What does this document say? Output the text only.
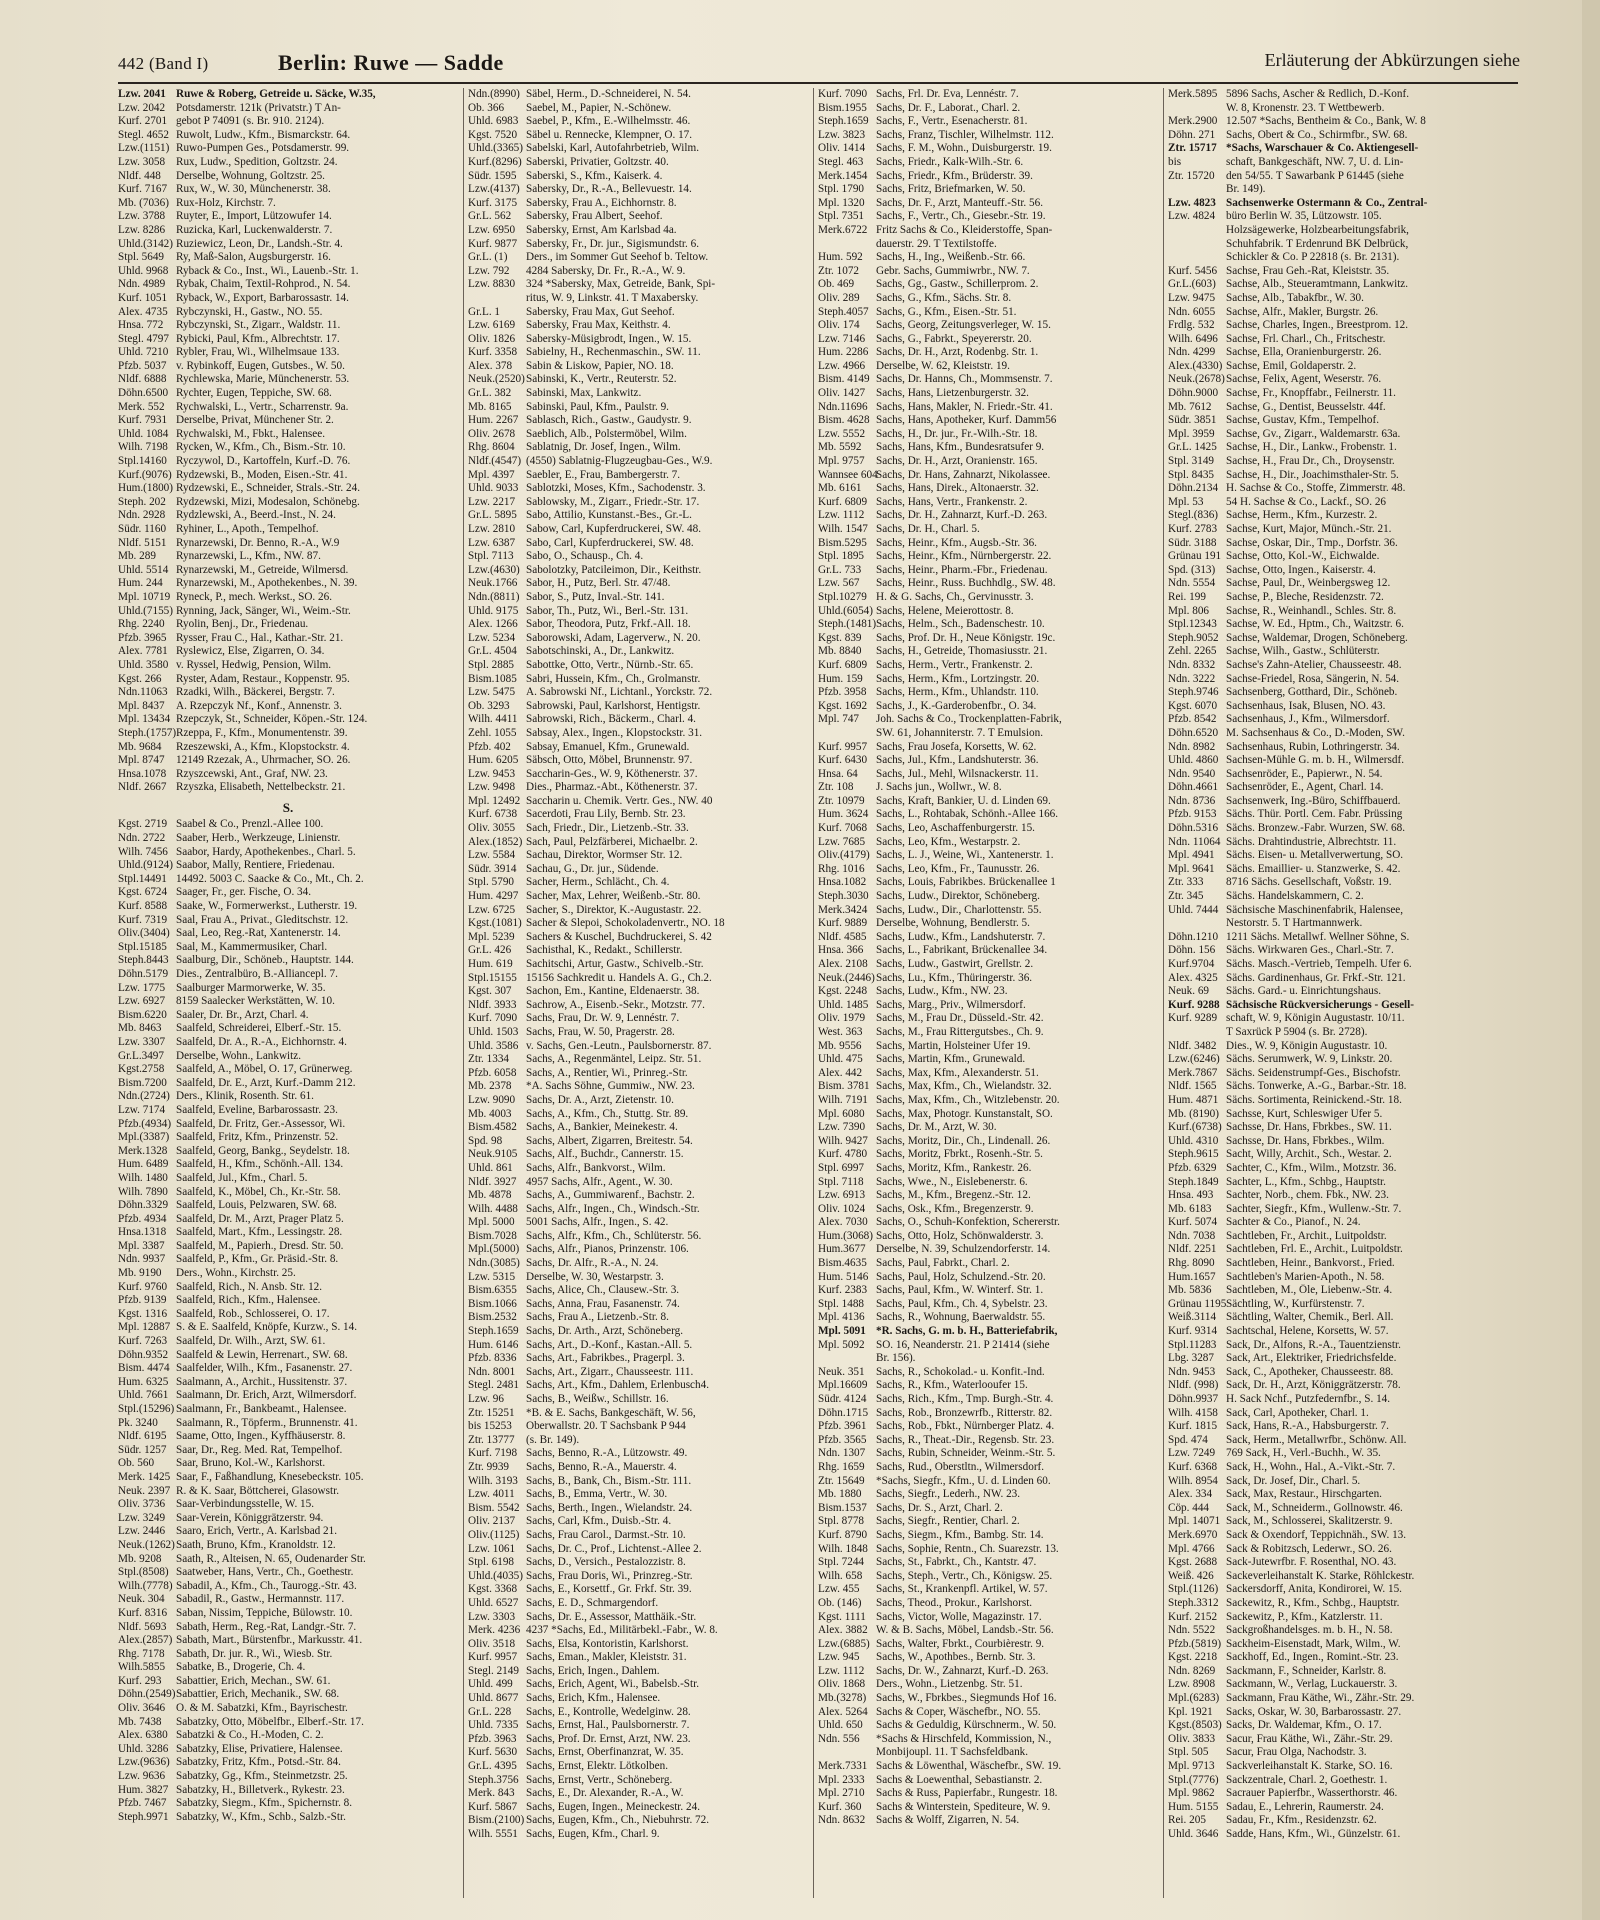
442 (Band I)	Berlin: Ruwe — Sadde	Erläuterung der Abkürzungen siehe
Lzw. 2041 Ruwe & Roberg, Getreide u. Säcke, W.35,
Lzw. 2042 Potsdamerstr. 121k (Privatstr.) T An-
Kurf. 2701 gebot P 74091 (s. Br. 910. 2124).
Stegl. 4652 Ruwolt, Ludw., Kfm., Bismarckstr. 64.
Lzw.(1151) Ruwo-Pumpen Ges., Potsdamerstr. 99.
Lzw. 3058 Rux, Ludw., Spedition, Goltzstr. 24.
Nldf. 448 Derselbe, Wohnung, Goltzstr. 25.
Kurf. 7167 Rux, W., W. 30, Münchenerstr. 38.
Mb. (7036) Rux-Holz, Kirchstr. 7.
Lzw. 3788 Ruyter, E., Import, Lützowufer 14.
Lzw. 8286 Ruzicka, Karl, Luckenwalderstr. 7.
Uhld.(3142) Ruziewicz, Leon, Dr., Landsh.-Str. 4.
Stpl. 5649 Ry, Maß-Salon, Augsburgerstr. 16.
Uhld. 9968 Ryback & Co., Inst., Wi., Lauenb.-Str. 1.
Ndn. 4989 Rybak, Chaim, Textil-Rohprod., N. 54.
Kurf. 1051 Ryback, W., Export, Barbarossastr. 14.
Alex. 4735 Rybczynski, H., Gastw., NO. 55.
Hnsa. 772 Rybczynski, St., Zigarr., Waldstr. 11.
Stegl. 4797 Rybicki, Paul, Kfm., Albrechtstr. 17.
Uhld. 7210 Rybler, Frau, Wi., Wilhelmsaue 133.
Pfzb. 5037 v. Rybinkoff, Eugen, Gutsbes., W. 50.
Nldf. 6888 Rychlewska, Marie, Münchenerstr. 53.
Döhn.6500 Rychter, Eugen, Teppiche, SW. 68.
Merk. 552 Rychwalski, L., Vertr., Scharrenstr. 9a.
Kurf. 7931 Derselbe, Privat, Münchener Str. 2.
Uhld. 1084 Rychwalski, M., Fbkt., Halensee.
Wilh. 7198 Rycken, W., Kfm., Ch., Bism.-Str. 10.
Stpl.14160 Ryczywol, D., Kartoffeln, Kurf.-D. 76.
Kurf.(9076) Rydzewski, B., Moden, Eisen.-Str. 41.
Hum.(1800) Rydzewski, E., Schneider, Strals.-Str. 24.
Steph. 202 Rydzewski, Mizi, Modesalon, Schönebg.
Ndn. 2928 Rydzlewski, A., Beerd.-Inst., N. 24.
Südr. 1160 Ryhiner, L., Apoth., Tempelhof.
Nldf. 5151 Rynarzewski, Dr. Benno, R.-A., W.9
Mb. 289 Rynarzewski, L., Kfm., NW. 87.
Uhld. 5514 Rynarzewski, M., Getreide, Wilmersd.
Hum. 244 Rynarzewski, M., Apothekenbes., N. 39.
Mpl. 10719 Ryneck, P., mech. Werkst., SO. 26.
Uhld.(7155) Rynning, Jack, Sänger, Wi., Weim.-Str.
Rhg. 2240 Ryolin, Benj., Dr., Friedenau.
Pfzb. 3965 Rysser, Frau C., Hal., Kathar.-Str. 21.
Alex. 7781 Ryslewicz, Else, Zigarren, O. 34.
Uhld. 3580 v. Ryssel, Hedwig, Pension, Wilm.
Kgst. 266 Ryster, Adam, Restaur., Koppenstr. 95.
Ndn.11063 Rzadki, Wilh., Bäckerei, Bergstr. 7.
Mpl. 8437 A. Rzepczyk Nf., Konf., Annenstr. 3.
Mpl. 13434 Rzepczyk, St., Schneider, Köpen.-Str. 124.
Steph.(1757)Rzeppa, F., Kfm., Monumentenstr. 39.
Mb. 9684 Rzeszewski, A., Kfm., Klopstockstr. 4.
Mpl. 8747 12149 Rzezak, A., Uhrmacher, SO. 26.
Hnsa.1078 Rzyszcewski, Ant., Graf, NW. 23.
Nldf. 2667 Rzyszka, Elisabeth, Nettelbeckstr. 21.
S.
Kgst. 2719 Saabel & Co., Prenzl.-Allee 100.
Ndn. 2722 Saaber, Herb., Werkzeuge, Linienstr.
Wilh. 7456 Saabor, Hardy, Apothekenbes., Charl. 5.
Uhld.(9124) Saabor, Mally, Rentiere, Friedenau.
Stpl.14491 14492. 5003 C. Saacke & Co., Mt., Ch. 2.
Kgst. 6724 Saager, Fr., ger. Fische, O. 34.
Kurf. 8588 Saake, W., Formerwerkst., Lutherstr. 19.
Kurf. 7319 Saal, Frau A., Privat., Gleditschstr. 12.
Oliv.(3404) Saal, Leo, Reg.-Rat, Xantenerstr. 14.
Stpl.15185 Saal, M., Kammermusiker, Charl.
Steph.8443 Saalburg, Dir., Schöneb., Hauptstr. 144.
Döhn.5179 Dies., Zentralbüro, B.-Alliancepl. 7.
Lzw. 1775 Saalburger Marmorwerke, W. 35.
Lzw. 6927 8159 Saalecker Werkstätten, W. 10.
Bism.6220 Saaler, Dr. Br., Arzt, Charl. 4.
Mb. 8463 Saalfeld, Schreiderei, Elberf.-Str. 15.
Lzw. 3307 Saalfeld, Dr. A., R.-A., Eichhornstr. 4.
Gr.L.3497 Derselbe, Wohn., Lankwitz.
Kgst.2758 Saalfeld, A., Möbel, O. 17, Grünerweg.
Bism.7200 Saalfeld, Dr. E., Arzt, Kurf.-Damm 212.
Ndn.(2724) Ders., Klinik, Rosenth. Str. 61.
Lzw. 7174 Saalfeld, Eveline, Barbarossastr. 23.
Pfzb.(4934) Saalfeld, Dr. Fritz, Ger.-Assessor, Wi.
Mpl.(3387) Saalfeld, Fritz, Kfm., Prinzenstr. 52.
Merk.1328 Saalfeld, Georg, Bankg., Seydelstr. 18.
Hum. 6489 Saalfeld, H., Kfm., Schönh.-All. 134.
Wilh. 1480 Saalfeld, Jul., Kfm., Charl. 5.
Wilh. 7890 Saalfeld, K., Möbel, Ch., Kr.-Str. 58.
Döhn.3329 Saalfeld, Louis, Pelzwaren, SW. 68.
Pfzb. 4934 Saalfeld, Dr. M., Arzt, Prager Platz 5.
Hnsa.1318 Saalfeld, Mart., Kfm., Lessingstr. 28.
Mpl. 3387 Saalfeld, M., Papierh., Dresd. Str. 50.
Ndn. 9937 Saalfeld, P., Kfm., Gr. Präsid.-Str. 8.
Mb. 9190 Ders., Wohn., Kirchstr. 25.
Kurf. 9760 Saalfeld, Rich., N. Ansb. Str. 12.
Pfzb. 9139 Saalfeld, Rich., Kfm., Halensee.
Kgst. 1316 Saalfeld, Rob., Schlosserei, O. 17.
Mpl. 12887 S. & E. Saalfeld, Knöpfe, Kurzw., S. 14.
Kurf. 7263 Saalfeld, Dr. Wilh., Arzt, SW. 61.
Döhn.9352 Saalfeld & Lewin, Herrenart., SW. 68.
Bism. 4474 Saalfelder, Wilh., Kfm., Fasanenstr. 27.
Hum. 6325 Saalmann, A., Archit., Hussitenstr. 37.
Uhld. 7661 Saalmann, Dr. Erich, Arzt, Wilmersdorf.
Stpl.(15296) Saalmann, Fr., Bankbeamt., Halensee.
Pk. 3240 Saalmann, R., Töpferm., Brunnenstr. 41.
Nldf. 6195 Saame, Otto, Ingen., Kyffhäuserstr. 8.
Südr. 1257 Saar, Dr., Reg. Med. Rat, Tempelhof.
Ob. 560 Saar, Bruno, Kol.-W., Karlshorst.
Merk. 1425 Saar, F., Faßhandlung, Knesebeckstr. 105.
Neuk. 2397 R. & K. Saar, Böttcherei, Glasowstr.
Oliv. 3736 Saar-Verbindungsstelle, W. 15.
Lzw. 3249 Saar-Verein, Königgrätzerstr. 94.
Lzw. 2446 Saaro, Erich, Vertr., A. Karlsbad 21.
Neuk.(1262)Saath, Bruno, Kfm., Kranoldstr. 12.
Mb. 9208 Saath, R., Alteisen, N. 65, Oudenarder Str.
Stpl.(8508) Saatweber, Hans, Vertr., Ch., Goethestr.
Wilh.(7778) Sabadil, A., Kfm., Ch., Taurogg.-Str. 43.
Neuk. 304 Sabadil, R., Gastw., Hermannstr. 117.
Kurf. 8316 Saban, Nissim, Teppiche, Bülowstr. 10.
Nldf. 5693 Sabath, Herm., Reg.-Rat, Landgr.-Str. 7.
Alex.(2857) Sabath, Mart., Bürstenfbr., Markusstr. 41.
Rhg. 7178 Sabath, Dr. jur. R., Wi., Wiesb. Str.
Wilh.5855 Sabatke, B., Drogerie, Ch. 4.
Kurf. 293 Sabattier, Erich, Mechan., SW. 61.
Döhn.(2549)Sabattier, Erich, Mechanik., SW. 68.
Oliv. 3646 O. & M. Sabatzki, Kfm., Bayrischestr.
Mb. 7438 Sabatzky, Otto, Möbelfbr., Elberf.-Str. 17.
Alex. 6380 Sabatzki & Co., H.-Moden, C. 2.
Uhld. 3286 Sabatzky, Elise, Privatiere, Halensee.
Lzw.(9636) Sabatzky, Fritz, Kfm., Potsd.-Str. 84.
Lzw. 9636 Sabatzky, Gg., Kfm., Steinmetzstr. 25.
Hum. 3827 Sabatzky, H., Billetverk., Rykestr. 23.
Pfzb. 7467 Sabatzky, Siegm., Kfm., Spichernstr. 8.
Steph.9971 Sabatzky, W., Kfm., Schb., Salzb.-Str.
Ndn.(8990) Säbel, Herm., D.-Schneiderei, N. 54.
Ob. 366 Saebel, M., Papier, N.-Schönew.
Uhld. 6983 Saebel, P., Kfm., E.-Wilhelmsstr. 46.
Kgst. 7520 Säbel u. Rennecke, Klempner, O. 17.
Uhld.(3365) Sabelski, Karl, Autofahrbetrieb, Wilm.
Kurf.(8296) Saberski, Privatier, Goltzstr. 40.
Südr. 1595 Saberski, S., Kfm., Kaiserk. 4.
Lzw.(4137) Sabersky, Dr., R.-A., Bellevuestr. 14.
Kurf. 3175 Sabersky, Frau A., Eichhornstr. 8.
Gr.L. 562 Sabersky, Frau Albert, Seehof.
Lzw. 6950 Sabersky, Ernst, Am Karlsbad 4a.
Kurf. 9877 Sabersky, Fr., Dr. jur., Sigismundstr. 6.
Gr.L. (1) Ders., im Sommer Gut Seehof b. Teltow.
Lzw. 792 4284 Sabersky, Dr. Fr., R.-A., W. 9.
Lzw. 8830 324 *Sabersky, Max, Getreide, Bank, Spi-
ritus, W. 9, Linkstr. 41. T Maxabersky.
Gr.L. 1 Sabersky, Frau Max, Gut Seehof.
Lzw. 6169 Sabersky, Frau Max, Keithstr. 4.
Oliv. 1826 Sabersky-Müsigbrodt, Ingen., W. 15.
Kurf. 3358 Sabielny, H., Rechenmaschin., SW. 11.
Alex. 378 Sabin & Liskow, Papier, NO. 18.
Neuk.(2520)Sabinski, K., Vertr., Reuterstr. 52.
Gr.L. 382 Sabinski, Max, Lankwitz.
Mb. 8165 Sabinski, Paul, Kfm., Paulstr. 9.
Hum. 2267 Sablasch, Rich., Gastw., Gaudystr. 9.
Oliv. 2678 Saeblich, Alb., Polstermöbel, Wilm.
Rhg. 8604 Sablatnig, Dr. Josef, Ingen., Wilm.
Nldf.(4547) (4550) Sablatnig-Flugzeugbau-Ges., W.9.
Mpl. 4397 Saebler, E., Frau, Bambergerstr. 7.
Uhld. 9033 Sablotzki, Moses, Kfm., Sachodenstr. 3.
Lzw. 2217 Sablowsky, M., Zigarr., Friedr.-Str. 17.
Gr.L. 5895 Sabo, Attilio, Kunstanst.-Bes., Gr.-L.
Lzw. 2810 Sabow, Carl, Kupferdruckerei, SW. 48.
Lzw. 6387 Sabo, Carl, Kupferdruckerei, SW. 48.
Stpl. 7113 Sabo, O., Schausp., Ch. 4.
Lzw.(4630) Sabolotzky, Patcileimon, Dir., Keithstr.
Neuk.1766 Sabor, H., Putz, Berl. Str. 47/48.
Ndn.(8811) Sabor, S., Putz, Inval.-Str. 141.
Uhld. 9175 Sabor, Th., Putz, Wi., Berl.-Str. 131.
Alex. 1266 Sabor, Theodora, Putz, Frkf.-All. 18.
Lzw. 5234 Saborowski, Adam, Lagerverw., N. 20.
Gr.L. 4504 Sabotschinski, A., Dr., Lankwitz.
Stpl. 2885 Sabottke, Otto, Vertr., Nürnb.-Str. 65.
Bism.1085 Sabri, Hussein, Kfm., Ch., Grolmanstr.
Lzw. 5475 A. Sabrowski Nf., Lichtanl., Yorckstr. 72.
Ob. 3293 Sabrowski, Paul, Karlshorst, Hentigstr.
Wilh. 4411 Sabrowski, Rich., Bäckerm., Charl. 4.
Zehl. 1055 Sabsay, Alex., Ingen., Klopstockstr. 31.
Pfzb. 402 Sabsay, Emanuel, Kfm., Grunewald.
Hum. 6205 Säbsch, Otto, Möbel, Brunnenstr. 97.
Lzw. 9453 Saccharin-Ges., W. 9, Köthenerstr. 37.
Lzw. 9498 Dies., Pharmaz.-Abt., Köthenerstr. 37.
Mpl. 12492 Saccharin u. Chemik. Vertr. Ges., NW. 40
Kurf. 6738 Sacerdoti, Frau Lily, Bernb. Str. 23.
Oliv. 3055 Sach, Friedr., Dir., Lietzenb.-Str. 33.
Alex.(1852) Sach, Paul, Pelzfärberei, Michaelbr. 2.
Lzw. 5584 Sachau, Direktor, Wormser Str. 12.
Südr. 3914 Sachau, G., Dr. jur., Südende.
Stpl. 5790 Sacher, Herm., Schlächt., Ch. 4.
Hum. 4297 Sacher, Max, Lehrer, Weißenb.-Str. 80.
Lzw. 6725 Sacher, S., Direktor, K.-Augustastr. 22.
Kgst.(1081) Sacher & Slepoi, Schokoladenvertr., NO. 18
Mpl. 5239 Sachers & Kuschel, Buchdruckerei, S. 42
Gr.L. 426 Sachisthal, K., Redakt., Schillerstr.
Hum. 619 Sachitschi, Artur, Gastw., Schivelb.-Str.
Stpl.15155 15156 Sachkredit u. Handels A. G., Ch.2.
Kgst. 307 Sachon, Em., Kantine, Eldenaerstr. 38.
Nldf. 3933 Sachrow, A., Eisenb.-Sekr., Motzstr. 77.
Kurf. 7090 Sachs, Frau, Dr. W. 9, Lennéstr. 7.
Uhld. 1503 Sachs, Frau, W. 50, Pragerstr. 28.
Uhld. 3586 v. Sachs, Gen.-Leutn., Paulsbornerstr. 87.
Ztr. 1334 Sachs, A., Regenmäntel, Leipz. Str. 51.
Pfzb. 6058 Sachs, A., Rentier, Wi., Prinreg.-Str.
Mb. 2378 *A. Sachs Söhne, Gummiw., NW. 23.
Lzw. 9090 Sachs, Dr. A., Arzt, Zietenstr. 10.
Mb. 4003 Sachs, A., Kfm., Ch., Stuttg. Str. 89.
Bism.4582 Sachs, A., Bankier, Meinekestr. 4.
Spd. 98 Sachs, Albert, Zigarren, Breitestr. 54.
Neuk.9105 Sachs, Alf., Buchdr., Cannerstr. 15.
Uhld. 861 Sachs, Alfr., Bankvorst., Wilm.
Nldf. 3927 4957 Sachs, Alfr., Agent., W. 30.
Mb. 4878 Sachs, A., Gummiwarenf., Bachstr. 2.
Wilh. 4488 Sachs, Alfr., Ingen., Ch., Windsch.-Str.
Mpl. 5000 5001 Sachs, Alfr., Ingen., S. 42.
Bism.7028 Sachs, Alfr., Kfm., Ch., Schlüterstr. 56.
Mpl.(5000) Sachs, Alfr., Pianos, Prinzenstr. 106.
Ndn.(3085) Sachs, Dr. Alfr., R.-A., N. 24.
Lzw. 5315 Derselbe, W. 30, Westarpstr. 3.
Bism.6355 Sachs, Alice, Ch., Clausew.-Str. 3.
Bism.1066 Sachs, Anna, Frau, Fasanenstr. 74.
Bism.2532 Sachs, Frau A., Lietzenb.-Str. 8.
Steph.1659 Sachs, Dr. Arth., Arzt, Schöneberg.
Hum. 6146 Sachs, Art., D.-Konf., Kastan.-All. 5.
Pfzb. 8336 Sachs, Art., Fabrikbes., Pragerpl. 3.
Ndn. 8001 Sachs, Art., Zigarr., Chausseestr. 111.
Stegl. 2481 Sachs, Art., Kfm., Dahlem, Erlenbusch4.
Lzw. 96 Sachs, B., Weißw., Schillstr. 16.
Ztr. 15251 *B. & E. Sachs, Bankgeschäft, W. 56,
bis 15253 Oberwallstr. 20. T Sachsbank P 944
Ztr. 13777 (s. Br. 149).
Kurf. 7198 Sachs, Benno, R.-A., Lützowstr. 49.
Ztr. 9939 Sachs, Benno, R.-A., Mauerstr. 4.
Wilh. 3193 Sachs, B., Bank, Ch., Bism.-Str. 111.
Lzw. 4011 Sachs, B., Emma, Vertr., W. 30.
Bism. 5542 Sachs, Berth., Ingen., Wielandstr. 24.
Oliv. 2137 Sachs, Carl, Kfm., Duisb.-Str. 4.
Oliv.(1125) Sachs, Frau Carol., Darmst.-Str. 10.
Lzw. 1061 Sachs, Dr. C., Prof., Lichtenst.-Allee 2.
Stpl. 6198 Sachs, D., Versich., Pestalozzistr. 8.
Uhld.(4035) Sachs, Frau Doris, Wi., Prinzreg.-Str.
Kgst. 3368 Sachs, E., Korsettf., Gr. Frkf. Str. 39.
Uhld. 6527 Sachs, E. D., Schmargendorf.
Lzw. 3303 Sachs, Dr. E., Assessor, Matthäik.-Str.
Merk. 4236 4237 *Sachs, Ed., Militärbekl.-Fabr., W. 8.
Oliv. 3518 Sachs, Elsa, Kontoristin, Karlshorst.
Kurf. 9957 Sachs, Eman., Makler, Kleiststr. 31.
Stegl. 2149 Sachs, Erich, Ingen., Dahlem.
Uhld. 499 Sachs, Erich, Agent, Wi., Babelsb.-Str.
Uhld. 8677 Sachs, Erich, Kfm., Halensee.
Gr.L. 228 Sachs, E., Kontrolle, Wedelginw. 28.
Uhld. 7335 Sachs, Ernst, Hal., Paulsbornerstr. 7.
Pfzb. 3963 Sachs, Prof. Dr. Ernst, Arzt, NW. 23.
Kurf. 5630 Sachs, Ernst, Oberfinanzrat, W. 35.
Gr.L. 4395 Sachs, Ernst, Elektr. Lötkolben.
Steph.3756 Sachs, Ernst, Vertr., Schöneberg.
Merk. 843 Sachs, E., Dr. Alexander, R.-A., W.
Kurf. 5867 Sachs, Eugen, Ingen., Meineckestr. 24.
Bism.(2100) Sachs, Eugen, Kfm., Ch., Niebuhrstr. 72.
Wilh. 5551 Sachs, Eugen, Kfm., Charl. 9.
Kurf. 7090 Sachs, Frl. Dr. Eva, Lennéstr. 7.
Bism.1955 Sachs, Dr. F., Laborat., Charl. 2.
Steph.1659 Sachs, F., Vertr., Esenacherstr. 81.
Lzw. 3823 Sachs, Franz, Tischler, Wilhelmstr. 112.
Oliv. 1414 Sachs, F. M., Wohn., Duisburgerstr. 19.
Stegl. 463 Sachs, Friedr., Kalk-Wilh.-Str. 6.
Merk.1454 Sachs, Friedr., Kfm., Brüderstr. 39.
Stpl. 1790 Sachs, Fritz, Briefmarken, W. 50.
Mpl. 1320 Sachs, Dr. F., Arzt, Manteuff.-Str. 56.
Stpl. 7351 Sachs, F., Vertr., Ch., Giesebr.-Str. 19.
Merk.6722 Fritz Sachs & Co., Kleiderstoffe, Span-
dauerstr. 29. T Textilstoffe.
Hum. 592 Sachs, H., Ing., Weißenb.-Str. 66.
Ztr. 1072 Gebr. Sachs, Gummiwrbr., NW. 7.
Ob. 469 Sachs, Gg., Gastw., Schillerprom. 2.
Oliv. 289 Sachs, G., Kfm., Sächs. Str. 8.
Steph.4057 Sachs, G., Kfm., Eisen.-Str. 51.
Oliv. 174 Sachs, Georg, Zeitungsverleger, W. 15.
Lzw. 7146 Sachs, G., Fabrkt., Speyererstr. 20.
Hum. 2286 Sachs, Dr. H., Arzt, Rodenbg. Str. 1.
Lzw. 4966 Derselbe, W. 62, Kleiststr. 19.
Bism. 4149 Sachs, Dr. Hanns, Ch., Mommsenstr. 7.
Oliv. 1427 Sachs, Hans, Lietzenburgerstr. 32.
Ndn.11696 Sachs, Hans, Makler, N. Friedr.-Str. 41.
Bism. 4628 Sachs, Hans, Apotheker, Kurf. Damm56
Lzw. 5552 Sachs, H., Dr. jur., Fr.-Wilh.-Str. 18.
Mb. 5592 Sachs, Hans, Kfm., Bundesratsufer 9.
Mpl. 9757 Sachs, Dr. H., Arzt, Oranienstr. 165.
Wannsee 604Sachs, Dr. Hans, Zahnarzt, Nikolassee.
Mb. 6161 Sachs, Hans, Direk., Altonaerstr. 32.
Kurf. 6809 Sachs, Hans, Vertr., Frankenstr. 2.
Lzw. 1112 Sachs, Dr. H., Zahnarzt, Kurf.-D. 263.
Wilh. 1547 Sachs, Dr. H., Charl. 5.
Bism.5295 Sachs, Heinr., Kfm., Augsb.-Str. 36.
Stpl. 1895 Sachs, Heinr., Kfm., Nürnbergerstr. 22.
Gr.L. 733 Sachs, Heinr., Pharm.-Fbr., Friedenau.
Lzw. 567 Sachs, Heinr., Russ. Buchhdlg., SW. 48.
Stpl.10279 H. & G. Sachs, Ch., Gervinusstr. 3.
Uhld.(6054) Sachs, Helene, Meierottostr. 8.
Steph.(1481)Sachs, Helm., Sch., Badenschestr. 10.
Kgst. 839 Sachs, Prof. Dr. H., Neue Königstr. 19c.
Mb. 8840 Sachs, H., Getreide, Thomasiusstr. 21.
Kurf. 6809 Sachs, Herm., Vertr., Frankenstr. 2.
Hum. 159 Sachs, Herm., Kfm., Lortzingstr. 20.
Pfzb. 3958 Sachs, Herm., Kfm., Uhlandstr. 110.
Kgst. 1692 Sachs, J., K.-Garderobenfbr., O. 34.
Mpl. 747 Joh. Sachs & Co., Trockenplatten-Fabrik,
SW. 61, Johanniterstr. 7. T Emulsion.
Kurf. 9957 Sachs, Frau Josefa, Korsetts, W. 62.
Kurf. 6430 Sachs, Jul., Kfm., Landshuterstr. 36.
Hnsa. 64 Sachs, Jul., Mehl, Wilsnackerstr. 11.
Ztr. 108 J. Sachs jun., Wollwr., W. 8.
Ztr. 10979 Sachs, Kraft, Bankier, U. d. Linden 69.
Hum. 3624 Sachs, L., Rohtabak, Schönh.-Allee 166.
Kurf. 7068 Sachs, Leo, Aschaffenburgerstr. 15.
Lzw. 7685 Sachs, Leo, Kfm., Westarpstr. 2.
Oliv.(4179) Sachs, L. J., Weine, Wi., Xantenerstr. 1.
Rhg. 1016 Sachs, Leo, Kfm., Fr., Taunusstr. 26.
Hnsa.1082 Sachs, Louis, Fabrikbes. Brückenallee 1
Steph.3030 Sachs, Ludw., Direktor, Schöneberg.
Merk.3424 Sachs, Ludw., Dir., Charlottenstr. 55.
Kurf. 9889 Derselbe, Wohnung, Bendlerstr. 5.
Nldf. 4585 Sachs, Ludw., Kfm., Landshuterstr. 7.
Hnsa. 366 Sachs, L., Fabrikant, Brückenallee 34.
Alex. 2108 Sachs, Ludw., Gastwirt, Grellstr. 2.
Neuk.(2446)Sachs, Lu., Kfm., Thüringerstr. 36.
Kgst. 2248 Sachs, Ludw., Kfm., NW. 23.
Uhld. 1485 Sachs, Marg., Priv., Wilmersdorf.
Oliv. 1979 Sachs, M., Frau Dr., Düsseld.-Str. 42.
West. 363 Sachs, M., Frau Rittergutsbes., Ch. 9.
Mb. 9556 Sachs, Martin, Holsteiner Ufer 19.
Uhld. 475 Sachs, Martin, Kfm., Grunewald.
Alex. 442 Sachs, Max, Kfm., Alexanderstr. 51.
Bism. 3781 Sachs, Max, Kfm., Ch., Wielandstr. 32.
Wilh. 7191 Sachs, Max, Kfm., Ch., Witzlebenstr. 20.
Mpl. 6080 Sachs, Max, Photogr. Kunstanstalt, SO.
Lzw. 7390 Sachs, Dr. M., Arzt, W. 30.
Wilh. 9427 Sachs, Moritz, Dir., Ch., Lindenall. 26.
Kurf. 4780 Sachs, Moritz, Fbrkt., Rosenh.-Str. 5.
Stpl. 6997 Sachs, Moritz, Kfm., Rankestr. 26.
Stpl. 7118 Sachs, Wwe., N., Eislebenerstr. 6.
Lzw. 6913 Sachs, M., Kfm., Bregenz.-Str. 12.
Oliv. 1024 Sachs, Osk., Kfm., Bregenzerstr. 9.
Alex. 7030 Sachs, O., Schuh-Konfektion, Schererstr.
Hum.(3068) Sachs, Otto, Holz, Schönwalderstr. 3.
Hum.3677 Derselbe, N. 39, Schulzendorferstr. 14.
Bism.4635 Sachs, Paul, Fabrkt., Charl. 2.
Hum. 5146 Sachs, Paul, Holz, Schulzend.-Str. 20.
Kurf. 2383 Sachs, Paul, Kfm., W. Winterf. Str. 1.
Stpl. 1488 Sachs, Paul, Kfm., Ch. 4, Sybelstr. 23.
Mpl. 4136 Sachs, R., Wohnung, Baerwaldstr. 55.
Mpl. 5091 *R. Sachs, G. m. b. H., Batteriefabrik,
Mpl. 5092 SO. 16, Neanderstr. 21. P 21414 (siehe
Br. 156).
Neuk. 351 Sachs, R., Schokolad.- u. Konfit.-Ind.
Mpl.16609 Sachs, R., Kfm., Waterlooufer 15.
Südr. 4124 Sachs, Rich., Kfm., Tmp. Burgh.-Str. 4.
Döhn.1715 Sachs, Rob., Bronzewrfb., Ritterstr. 82.
Pfzb. 3961 Sachs, Rob., Fbkt., Nürnberger Platz. 4.
Pfzb. 3565 Sachs, R., Theat.-Dir., Regensb. Str. 23.
Ndn. 1307 Sachs, Rubin, Schneider, Weinm.-Str. 5.
Rhg. 1659 Sachs, Rud., Oberstltn., Wilmersdorf.
Ztr. 15649 *Sachs, Siegfr., Kfm., U. d. Linden 60.
Mb. 1880 Sachs, Siegfr., Lederh., NW. 23.
Bism.1537 Sachs, Dr. S., Arzt, Charl. 2.
Stpl. 8778 Sachs, Siegfr., Rentier, Charl. 2.
Kurf. 8790 Sachs, Siegm., Kfm., Bambg. Str. 14.
Wilh. 1848 Sachs, Sophie, Rentn., Ch. Suarezstr. 13.
Stpl. 7244 Sachs, St., Fabrkt., Ch., Kantstr. 47.
Wilh. 658 Sachs, Steph., Vertr., Ch., Königsw. 25.
Lzw. 455 Sachs, St., Krankenpfl. Artikel, W. 57.
Ob. (146) Sachs, Theod., Prokur., Karlshorst.
Kgst. 1111 Sachs, Victor, Wolle, Magazinstr. 17.
Alex. 3882 W. & B. Sachs, Möbel, Landsb.-Str. 56.
Lzw.(6885) Sachs, Walter, Fbrkt., Courbièrestr. 9.
Lzw. 945 Sachs, W., Apothbes., Bernb. Str. 3.
Lzw. 1112 Sachs, Dr. W., Zahnarzt, Kurf.-D. 263.
Oliv. 1868 Ders., Wohn., Lietzenbg. Str. 51.
Mb.(3278) Sachs, W., Fbrkbes., Siegmunds Hof 16.
Alex. 5264 Sachs & Coper, Wäschefbr., NO. 55.
Uhld. 650 Sachs & Geduldig, Kürschnerm., W. 50.
Ndn. 556 *Sachs & Hirschfeld, Kommission, N.,
Monbijoupl. 11. T Sachsfeldbank.
Merk.7331 Sachs & Löwenthal, Wäschefbr., SW. 19.
Mpl. 2333 Sachs & Loewenthal, Sebastianstr. 2.
Mpl. 2710 Sachs & Russ, Papierfabr., Rungestr. 18.
Kurf. 360 Sachs & Winterstein, Spediteure, W. 9.
Ndn. 8632 Sachs & Wolff, Zigarren, N. 54.
Merk.5895 5896 Sachs, Ascher & Redlich, D.-Konf.
W. 8, Kronenstr. 23. T Wettbewerb.
Merk.2900 12.507 *Sachs, Bentheim & Co., Bank, W. 8
Döhn. 271 Sachs, Obert & Co., Schirmfbr., SW. 68.
Ztr. 15717 *Sachs, Warschauer & Co. Aktiengesell-
bis	schaft, Bankgeschäft, NW. 7, U. d. Lin-
Ztr. 15720 den 54/55. T Sawarbank P 61445 (siehe
Br. 149).
Lzw. 4823 Sachsenwerke Ostermann & Co., Zentral-
Lzw. 4824 büro Berlin W. 35, Lützowstr. 105.
Holzsägewerke, Holzbearbeitungsfabrik,
Schuhfabrik. T Erdenrund BK Delbrück,
Schickler & Co. P 22818 (s. Br. 2131).
Kurf. 5456 Sachse, Frau Geh.-Rat, Kleiststr. 35.
Gr.L.(603) Sachse, Alb., Steueramtmann, Lankwitz.
Lzw. 9475 Sachse, Alb., Tabakfbr., W. 30.
Ndn. 6055 Sachse, Alfr., Makler, Burgstr. 26.
Frdlg. 532 Sachse, Charles, Ingen., Breestprom. 12.
Wilh. 6496 Sachse, Frl. Charl., Ch., Fritschestr.
Ndn. 4299 Sachse, Ella, Oranienburgerstr. 26.
Alex.(4330) Sachse, Emil, Goldaperstr. 2.
Neuk.(2678)Sachse, Felix, Agent, Weserstr. 76.
Döhn.9000 Sachse, Fr., Knopffabr., Feilnerstr. 11.
Mb. 7612 Sachse, G., Dentist, Beusselstr. 44f.
Südr. 3851 Sachse, Gustav, Kfm., Tempelhof.
Mpl. 3959 Sachse, Gv., Zigarr., Waldemarstr. 63a.
Gr.L. 1425 Sachse, H., Dir., Lankw., Frobenstr. 1.
Stpl. 3149 Sachse, H., Frau Dr., Ch., Droysenstr.
Stpl. 8435 Sachse, H., Dir., Joachimsthaler-Str. 5.
Döhn.2134 H. Sachse & Co., Stoffe, Zimmerstr. 48.
Mpl. 53 54 H. Sachse & Co., Lackf., SO. 26
Stegl.(836) Sachse, Herm., Kfm., Kurzestr. 2.
Kurf. 2783 Sachse, Kurt, Major, Münch.-Str. 21.
Südr. 3188 Sachse, Oskar, Dir., Tmp., Dorfstr. 36.
Grünau 191 Sachse, Otto, Kol.-W., Eichwalde.
Spd. (313) Sachse, Otto, Ingen., Kaiserstr. 4.
Ndn. 5554 Sachse, Paul, Dr., Weinbergsweg 12.
Rei. 199 Sachse, P., Bleche, Residenzstr. 72.
Mpl. 806 Sachse, R., Weinhandl., Schles. Str. 8.
Stpl.12343 Sachse, W. Ed., Hptm., Ch., Waitzstr. 6.
Steph.9052 Sachse, Waldemar, Drogen, Schöneberg.
Zehl. 2265 Sachse, Wilh., Gastw., Schlüterstr.
Ndn. 8332 Sachse's Zahn-Atelier, Chausseestr. 48.
Ndn. 3222 Sachse-Friedel, Rosa, Sängerin, N. 54.
Steph.9746 Sachsenberg, Gotthard, Dir., Schöneb.
Kgst. 6070 Sachsenhaus, Isak, Blusen, NO. 43.
Pfzb. 8542 Sachsenhaus, J., Kfm., Wilmersdorf.
Döhn.6520 M. Sachsenhaus & Co., D.-Moden, SW.
Ndn. 8982 Sachsenhaus, Rubin, Lothringerstr. 34.
Uhld. 4860 Sachsen-Mühle G. m. b. H., Wilmersdf.
Ndn. 9540 Sachsenröder, E., Papierwr., N. 54.
Döhn.4661 Sachsenröder, E., Agent, Charl. 14.
Ndn. 8736 Sachsenwerk, Ing.-Büro, Schiffbauerd.
Pfzb. 9153 Sächs. Thür. Portl. Cem. Fabr. Prüssing
Döhn.5316 Sächs. Bronzew.-Fabr. Wurzen, SW. 68.
Ndn. 11064 Sächs. Drahtindustrie, Albrechtstr. 11.
Mpl. 4941 Sächs. Eisen- u. Metallverwertung, SO.
Mpl. 9641 Sächs. Emaillier- u. Stanzwerke, S. 42.
Ztr. 333 8716 Sächs. Gesellschaft, Voßstr. 19.
Ztr. 345 Sächs. Handelskammern, C. 2.
Uhld. 7444 Sächsische Maschinenfabrik, Halensee,
Nestorstr. 5. T Hartmannwerk.
Döhn.1210 1211 Sächs. Metallwf. Wellner Söhne, S.
Döhn. 156 Sächs. Wirkwaren Ges., Charl.-Str. 7.
Kurf.9704 Sächs. Masch.-Vertrieb, Tempelh. Ufer 6.
Alex. 4325 Sächs. Gardinenhaus, Gr. Frkf.-Str. 121.
Neuk. 69 Sächs. Gard.- u. Einrichtungshaus.
Kurf. 9288 Sächsische Rückversicherungs - Gesell-
Kurf. 9289 schaft, W. 9, Königin Augustastr. 10/11.
T Saxrück P 5904 (s. Br. 2728).
Nldf. 3482 Dies., W. 9, Königin Augustastr. 10.
Lzw.(6246) Sächs. Serumwerk, W. 9, Linkstr. 20.
Merk.7867 Sächs. Seidenstrumpf-Ges., Bischofstr.
Nldf. 1565 Sächs. Tonwerke, A.-G., Barbar.-Str. 18.
Hum. 4871 Sächs. Sortimenta, Reinickend.-Str. 18.
Mb. (8190) Sachsse, Kurt, Schleswiger Ufer 5.
Kurf.(6738) Sachsse, Dr. Hans, Fbrkbes., SW. 11.
Uhld. 4310 Sachsse, Dr. Hans, Fbrkbes., Wilm.
Steph.9615 Sacht, Willy, Archit., Sch., Westar. 2.
Pfzb. 6329 Sachter, C., Kfm., Wilm., Motzstr. 36.
Steph.1849 Sachter, L., Kfm., Schbg., Hauptstr.
Hnsa. 493 Sachter, Norb., chem. Fbk., NW. 23.
Mb. 6183 Sachter, Siegfr., Kfm., Wullenw.-Str. 7.
Kurf. 5074 Sachter & Co., Pianof., N. 24.
Ndn. 7038 Sachtleben, Fr., Archit., Luitpoldstr.
Nldf. 2251 Sachtleben, Frl. E., Archit., Luitpoldstr.
Rhg. 8090 Sachtleben, Heinr., Bankvorst., Fried.
Hum.1657 Sachtleben's Marien-Apoth., N. 58.
Mb. 5836 Sachtleben, M., Öle, Liebenw.-Str. 4.
Grünau 1195Sächtling, W., Kurfürstenstr. 7.
Weiß.3114 Sächtling, Walter, Chemik., Berl. All.
Kurf. 9314 Sachtschal, Helene, Korsetts, W. 57.
Stpl.11283 Sack, Dr., Alfons, R.-A., Tauentzienstr.
Lbg. 3287 Sack, Art., Elektriker, Friedrichsfelde.
Ndn. 9453 Sack, C., Apotheker, Chausseestr. 88.
Nldf. (998) Sack, Dr. H., Arzt, Königgrätzerstr. 78.
Döhn.9937 H. Sack Nchf., Putzfedernfbr., S. 14.
Wilh. 4158 Sack, Carl, Apotheker, Charl. 1.
Kurf. 1815 Sack, Hans, R.-A., Habsburgerstr. 7.
Spd. 474 Sack, Herm., Metallwrfbr., Schönw. All.
Lzw. 7249 769 Sack, H., Verl.-Buchh., W. 35.
Kurf. 6368 Sack, H., Wohn., Hal., A.-Vikt.-Str. 7.
Wilh. 8954 Sack, Dr. Josef, Dir., Charl. 5.
Alex. 334 Sack, Max, Restaur., Hirschgarten.
Cöp. 444 Sack, M., Schneiderm., Gollnowstr. 46.
Mpl. 14071 Sack, M., Schlosserei, Skalitzerstr. 9.
Merk.6970 Sack & Oxendorf, Teppichnäh., SW. 13.
Mpl. 4766 Sack & Robitzsch, Lederwr., SO. 26.
Kgst. 2688 Sack-Jutewrfbr. F. Rosenthal, NO. 43.
Weiß. 426 Sackeverleihanstalt K. Starke, Röhlckestr.
Stpl.(1126) Sackersdorff, Anita, Kondirorei, W. 15.
Steph.3312 Sackewitz, R., Kfm., Schbg., Hauptstr.
Kurf. 2152 Sackewitz, P., Kfm., Katzlerstr. 11.
Ndn. 5522 Sackgroßhandelsges. m. b. H., N. 58.
Pfzb.(5819) Sackheim-Eisenstadt, Mark, Wilm., W.
Kgst. 2218 Sackhoff, Ed., Ingen., Romint.-Str. 23.
Ndn. 8269 Sackmann, F., Schneider, Karlstr. 8.
Lzw. 8908 Sackmann, W., Verlag, Luckauerstr. 3.
Mpl.(6283) Sackmann, Frau Käthe, Wi., Zähr.-Str. 29.
Kpl. 1921 Sacks, Oskar, W. 30, Barbarossastr. 27.
Kgst.(8503) Sacks, Dr. Waldemar, Kfm., O. 17.
Oliv. 3833 Sacur, Frau Käthe, Wi., Zähr.-Str. 29.
Stpl. 505 Sacur, Frau Olga, Nachodstr. 3.
Mpl. 9713 Sackverleihanstalt K. Starke, SO. 16.
Stpl.(7776) Sackzentrale, Charl. 2, Goethestr. 1.
Mpl. 9862 Sacrauer Papierfbr., Wasserthorstr. 46.
Hum. 5155 Sadau, E., Lehrerin, Raumerstr. 24.
Rei. 205 Sadau, Fr., Kfm., Residenzstr. 62.
Uhld. 3646 Sadde, Hans, Kfm., Wi., Günzelstr. 61.
